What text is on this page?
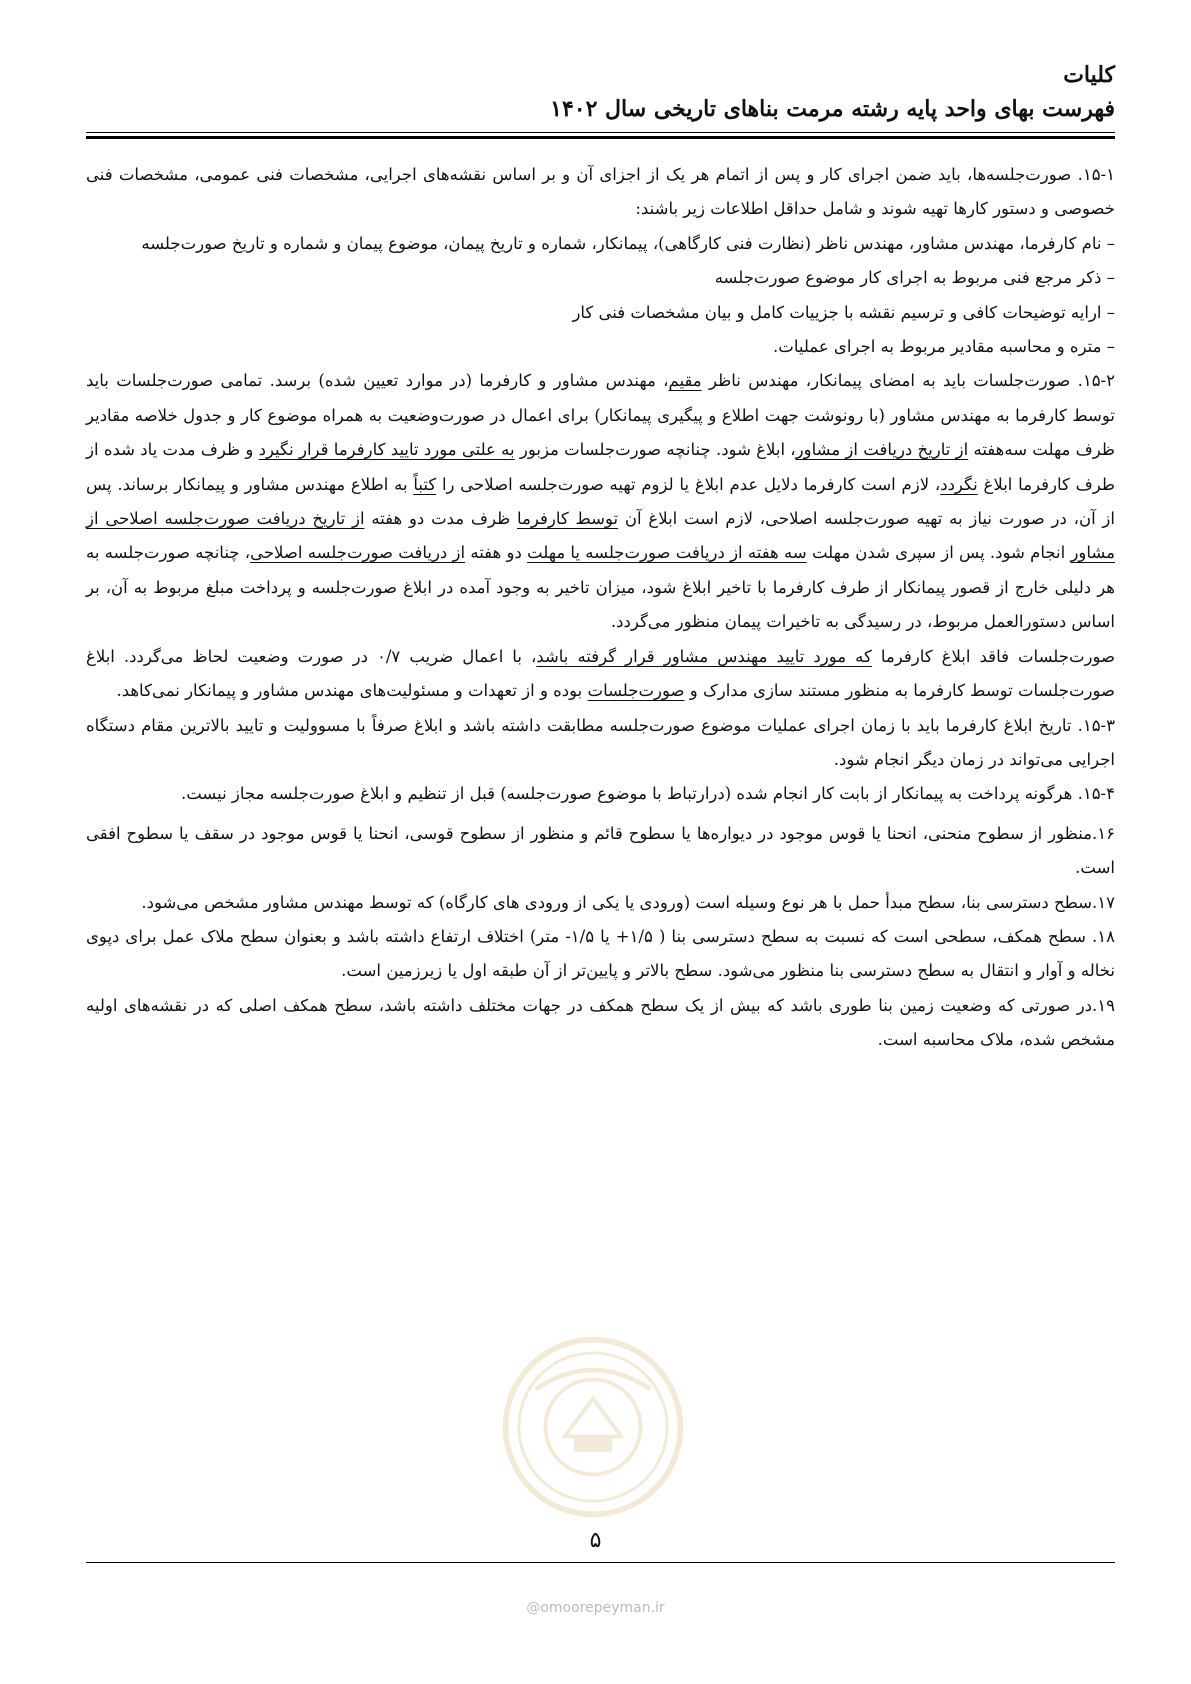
کلیات
فهرست بهای واحد پایه رشته مرمت بناهای تاریخی سال ۱۴۰۲

۱۵-۱. صورت‌جلسه‌ها، باید ضمن اجرای کار و پس از اتمام هر یک از اجزای آن و بر اساس نقشه‌های اجرایی، مشخصات فنی عمومی، مشخصات فنی خصوصی و دستور کارها تهیه شوند و شامل حداقل اطلاعات زیر باشند:

– نام کارفرما، مهندس مشاور، مهندس ناظر (نظارت فنی کارگاهی)، پیمانکار، شماره و تاریخ پیمان، موضوع پیمان و شماره و تاریخ صورت‌جلسه

– ذکر مرجع فنی مربوط به اجرای کار موضوع صورت‌جلسه

– ارایه توضیحات کافی و ترسیم نقشه با جزییات کامل و بیان مشخصات فنی کار

– متره و محاسبه مقادیر مربوط به اجرای عملیات.

۱۵-۲. صورت‌جلسات باید به امضای پیمانکار، مهندس ناظر مقیم، مهندس مشاور و کارفرما (در موارد تعیین شده) برسد. تمامی صورت‌جلسات باید توسط کارفرما به مهندس مشاور (با رونوشت جهت اطلاع و پیگیری پیمانکار) برای اعمال در صورت‌وضعیت به همراه موضوع کار و جدول خلاصه مقادیر ظرف مهلت سه‌هفته از تاریخ دریافت از مشاور، ابلاغ شود. چنانچه صورت‌جلسات مزبور به علتی مورد تایید کارفرما قرار نگیرد و ظرف مدت یاد شده از طرف کارفرما ابلاغ نگردد، لازم است کارفرما دلایل عدم ابلاغ یا لزوم تهیه صورت‌جلسه اصلاحی را کتباً به اطلاع مهندس مشاور و پیمانکار برساند. پس از آن، در صورت نیاز به تهیه صورت‌جلسه اصلاحی، لازم است ابلاغ آن توسط کارفرما ظرف مدت دو هفته از تاریخ دریافت صورت‌جلسه اصلاحی از مشاور انجام شود. پس از سپری شدن مهلت سه هفته از دریافت صورت‌جلسه یا مهلت دو هفته از دریافت صورت‌جلسه اصلاحی، چنانچه صورت‌جلسه به هر دلیلی خارج از قصور پیمانکار از طرف کارفرما با تاخیر ابلاغ شود، میزان تاخیر به وجود آمده در ابلاغ صورت‌جلسه و پرداخت مبلغ مربوط به آن، بر اساس دستورالعمل مربوط، در رسیدگی به تاخیرات پیمان منظور می‌گردد.

صورت‌جلسات فاقد ابلاغ کارفرما که مورد تایید مهندس مشاور قرار گرفته باشد، با اعمال ضریب ۰/۷ در صورت وضعیت لحاظ می‌گردد. ابلاغ صورت‌جلسات توسط کارفرما به منظور مستند سازی مدارک و صورت‌جلسات بوده و از تعهدات و مسئولیت‌های مهندس مشاور و پیمانکار نمی‌کاهد.

۱۵-۳. تاریخ ابلاغ کارفرما باید با زمان اجرای عملیات موضوع صورت‌جلسه مطابقت داشته باشد و ابلاغ صرفاً با مسوولیت و تایید بالاترین مقام دستگاه اجرایی می‌تواند در زمان دیگر انجام شود.

۱۵-۴. هرگونه پرداخت به پیمانکار از بابت کار انجام شده (درارتباط با موضوع صورت‌جلسه) قبل از تنظیم و ابلاغ صورت‌جلسه مجاز نیست.

۱۶.منظور از سطوح منحنی، انحنا یا قوس موجود در دیواره‌ها یا سطوح قائم و منظور از سطوح قوسی، انحنا یا قوس موجود در سقف یا سطوح افقی است.

۱۷.سطح دسترسی بنا، سطح مبدأ حمل با هر نوع وسیله است (ورودی یا یکی از ورودی های کارگاه) که توسط مهندس مشاور مشخص می‌شود.

۱۸. سطح همکف، سطحی است که نسبت به سطح دسترسی بنا ( ۱/۵+ یا ۱/۵- متر) اختلاف ارتفاع داشته باشد و بعنوان سطح ملاک عمل برای دپوی نخاله و آوار و انتقال به سطح دسترسی بنا منظور می‌شود. سطح بالاتر و پایین‌تر از آن طبقه اول یا زیرزمین است.

۱۹.در صورتی که وضعیت زمین بنا طوری باشد که بیش از یک سطح همکف در جهات مختلف داشته باشد، سطح همکف اصلی که در نقشه‌های اولیه مشخص شده، ملاک محاسبه است.

۵
@omoorepeyman.ir
